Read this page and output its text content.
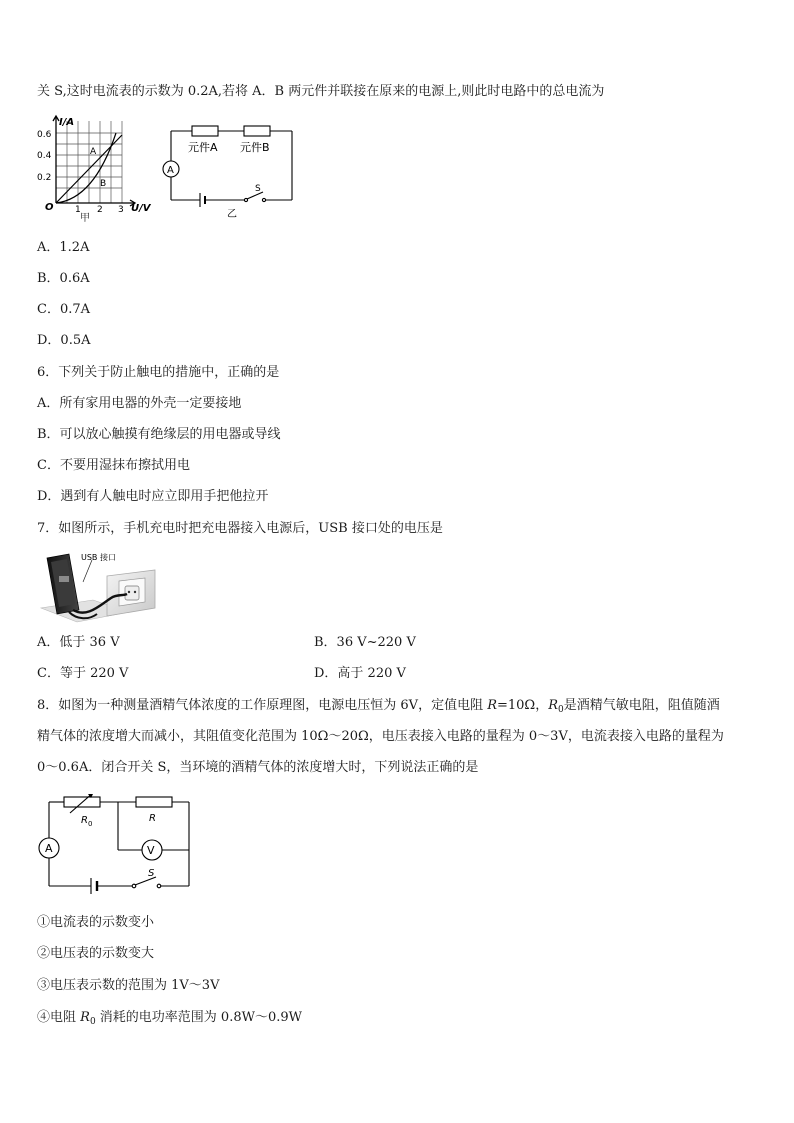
关 S,这时电流表的示数为 0.2A,若将 A．B 两元件并联接在原来的电源上,则此时电路中的总电流为
I/A
U/V
O
0.6
0.4
0.2
1 2 3
A
B
甲
A
元件A 元件B
S
乙
A．1.2A
B．0.6A
C．0.7A
D．0.5A
6．下列关于防止触电的措施中，正确的是
A．所有家用电器的外壳一定要接地
B．可以放心触摸有绝缘层的用电器或导线
C．不要用湿抹布擦拭用电
D．遇到有人触电时应立即用手把他拉开
7．如图所示，手机充电时把充电器接入电源后，USB 接口处的电压是
USB 接口
A．低于 36 V	B．36 V~220 V
C．等于 220 V	D．高于 220 V
8．如图为一种测量酒精气体浓度的工作原理图，电源电压恒为 6V，定值电阻 R=10Ω，$R_0$是酒精气敏电阻，阻值随酒
精气体的浓度增大而减小，其阻值变化范围为 10Ω～20Ω，电压表接入电路的量程为 0～3V，电流表接入电路的量程为
0～0.6A．闭合开关 S，当环境的酒精气体的浓度增大时，下列说法正确的是
A	V
R 0	R
S
①电流表的示数变小
②电压表的示数变大
③电压表示数的范围为 1V～3V
④电阻 $R_0$ 消耗的电功率范围为 0.8W～0.9W
